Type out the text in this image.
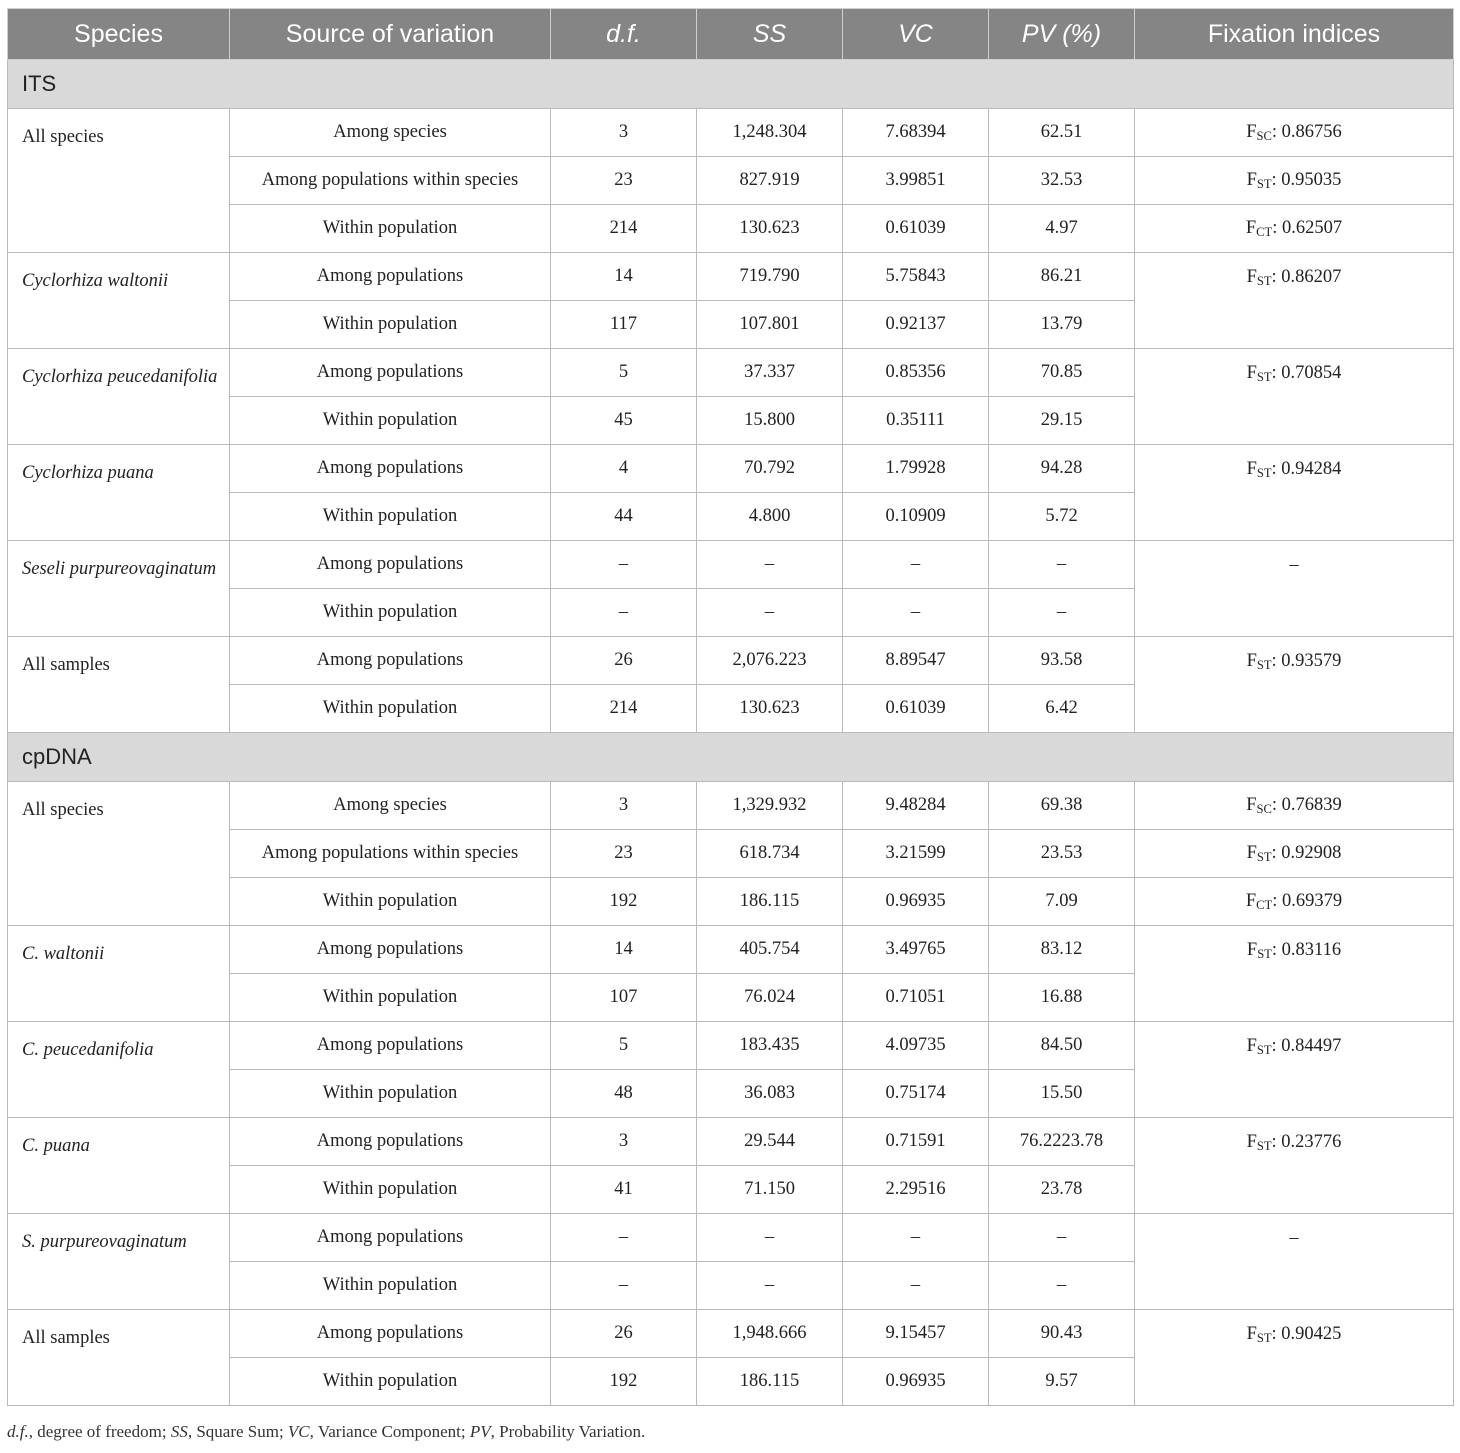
Species	Source of variation	d.f.	SS	VC	PV (%)	Fixation indices
ITS						
All species	Among species	3	1,248.304	7.68394	62.51	$F_{SC}$: 0.86756
	Among populations within species	23	827.919	3.99851	32.53	$F_{ST}$: 0.95035
	Within population	214	130.623	0.61039	4.97	$F_{CT}$: 0.62507
Cyclorhiza waltonii	Among populations	14	719.790	5.75843	86.21	$F_{ST}$: 0.86207
	Within population	117	107.801	0.92137	13.79	
Cyclorhiza peucedanifolia	Among populations	5	37.337	0.85356	70.85	$F_{ST}$: 0.70854
	Within population	45	15.800	0.35111	29.15	
Cyclorhiza puana	Among populations	4	70.792	1.79928	94.28	$F_{ST}$: 0.94284
	Within population	44	4.800	0.10909	5.72	
Seseli purpureovaginatum	Among populations	–	–	–	–	–
	Within population	–	–	–	–	
All samples	Among populations	26	2,076.223	8.89547	93.58	$F_{ST}$: 0.93579
	Within population	214	130.623	0.61039	6.42	
cpDNA						
All species	Among species	3	1,329.932	9.48284	69.38	$F_{SC}$: 0.76839
	Among populations within species	23	618.734	3.21599	23.53	$F_{ST}$: 0.92908
	Within population	192	186.115	0.96935	7.09	$F_{CT}$: 0.69379
C. waltonii	Among populations	14	405.754	3.49765	83.12	$F_{ST}$: 0.83116
	Within population	107	76.024	0.71051	16.88	
C. peucedanifolia	Among populations	5	183.435	4.09735	84.50	$F_{ST}$: 0.84497
	Within population	48	36.083	0.75174	15.50	
C. puana	Among populations	3	29.544	0.71591	76.2223.78	$F_{ST}$: 0.23776
	Within population	41	71.150	2.29516	23.78	
S. purpureovaginatum	Among populations	–	–	–	–	–
	Within population	–	–	–	–	
All samples	Among populations	26	1,948.666	9.15457	90.43	$F_{ST}$: 0.90425
	Within population	192	186.115	0.96935	9.57	
d.f., degree of freedom; SS, Square Sum; VC, Variance Component; PV, Probability Variation.
